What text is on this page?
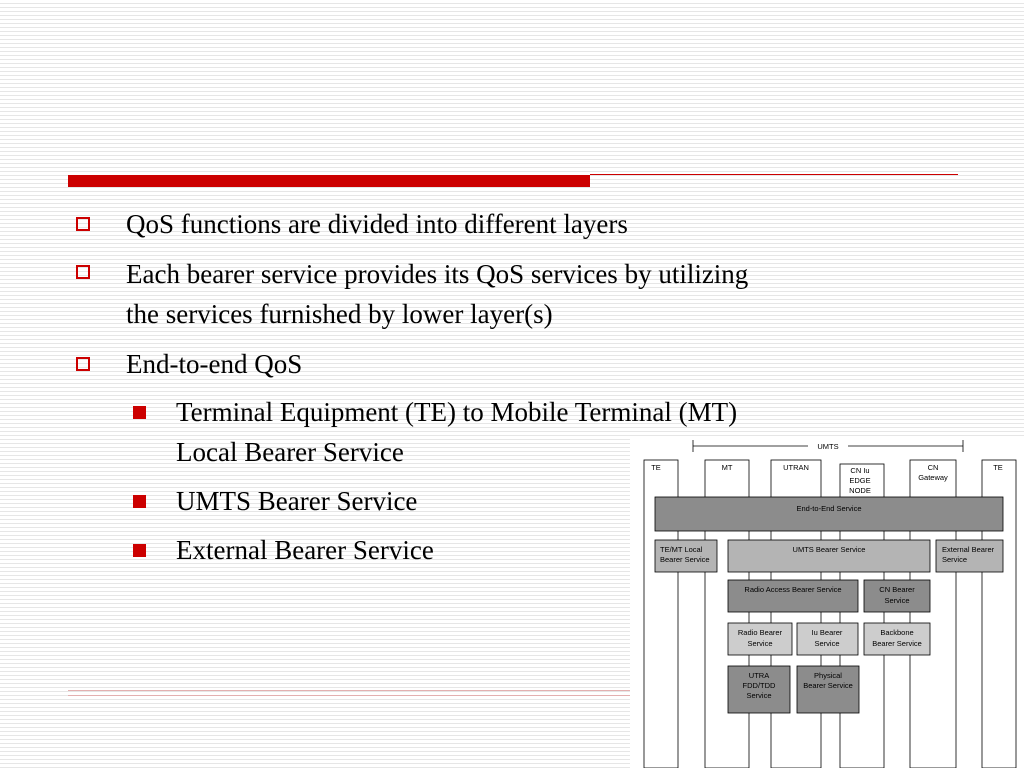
QoS functions are divided into different layers
Each bearer service provides its QoS services by utilizing
the services furnished by lower layer(s)
End-to-end QoS
Terminal Equipment (TE) to Mobile Terminal (MT)
Local Bearer Service
UMTS Bearer Service
External Bearer Service
UMTS
TE	MT	UTRAN	CN Iu
EDGE
NODE
CN
Gateway
TE
End-to-End Service
TE/MT Local
Bearer Service
UMTS Bearer Service	External Bearer
Service
Radio Access Bearer Service	CN Bearer
Service
Radio Bearer
Service
Iu Bearer
Service
Backbone
Bearer Service
UTRA
FDD/TDD
Service
Physical
Bearer Service
